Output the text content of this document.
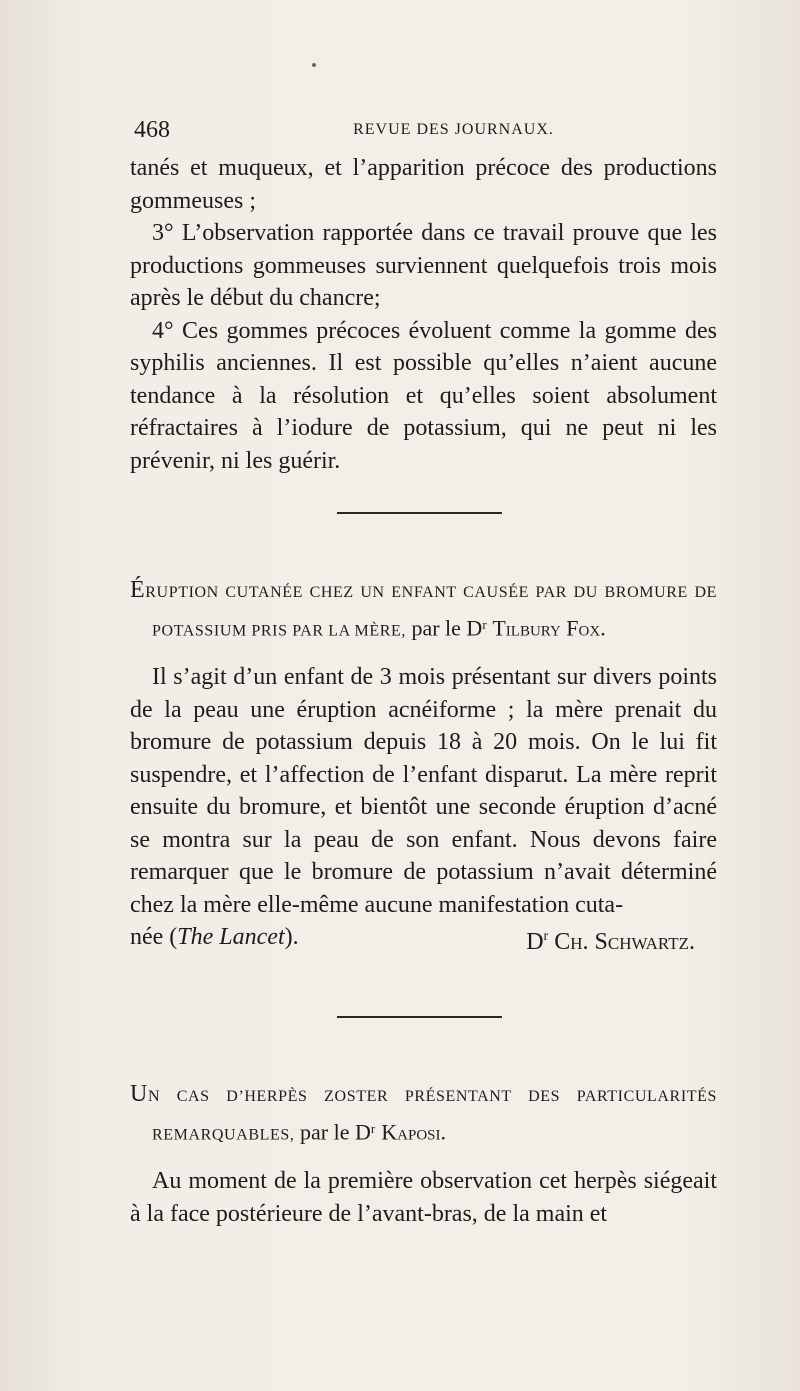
468	REVUE DES JOURNAUX.

tanés et muqueux, et l’apparition précoce des productions gommeuses ;

3° L’observation rapportée dans ce travail prouve que les productions gommeuses surviennent quelquefois trois mois après le début du chancre;

4° Ces gommes précoces évoluent comme la gomme des syphilis anciennes. Il est possible qu’elles n’aient aucune tendance à la résolution et qu’elles soient absolument réfractaires à l’iodure de potassium, qui ne peut ni les prévenir, ni les guérir.

ÉRUPTION CUTANÉE CHEZ UN ENFANT CAUSÉE PAR DU BROMURE DE POTASSIUM PRIS PAR LA MÈRE, par le $D^r$ Tilbury Fox.

Il s’agit d’un enfant de 3 mois présentant sur divers points de la peau une éruption acnéiforme ; la mère prenait du bromure de potassium depuis 18 à 20 mois. On le lui fit suspendre, et l’affection de l’enfant disparut. La mère reprit ensuite du bromure, et bientôt une seconde éruption d’acné se montra sur la peau de son enfant. Nous devons faire remarquer que le bromure de potassium n’avait déterminé chez la mère elle-même aucune manifestation cuta-

née (The Lancet).	$D^r$ Ch. Schwartz.

UN CAS D’HERPÈS ZOSTER PRÉSENTANT DES PARTICULARITÉS REMARQUABLES, par le $D^r$ Kaposi.

Au moment de la première observation cet herpès siégeait à la face postérieure de l’avant-bras, de la main et
